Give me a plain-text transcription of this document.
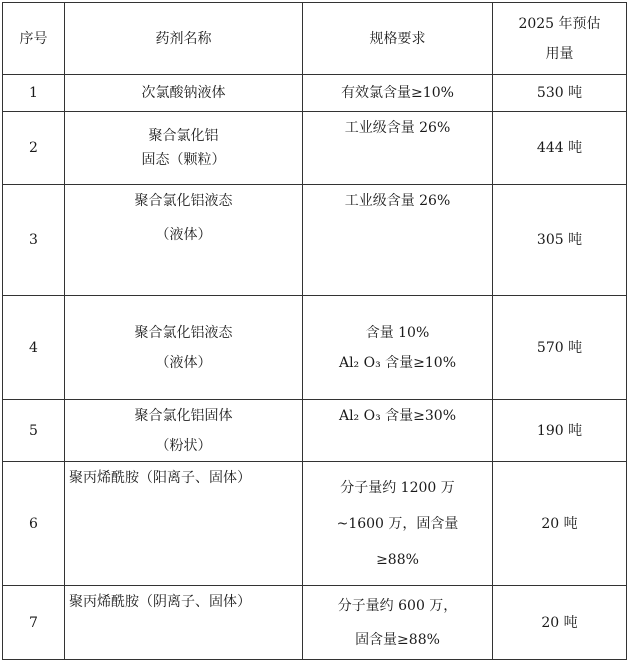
序号	药剂名称	规格要求	2025 年预估
用量

1	次氯酸钠液体	有效氯含量≥10%	530 吨
2	聚合氯化铝
固态（颗粒）	工业级含量 26%	444 吨
3	聚合氯化铝液态
（液体）	工业级含量 26%	305 吨
4	聚合氯化铝液态
（液体）	含量 10%
Al₂ O₃ 含量≥10%	570 吨
5	聚合氯化铝固体
（粉状）	Al₂ O₃ 含量≥30%	190 吨
6	聚丙烯酰胺（阳离子、固体）	分子量约 1200 万
~1600 万，固含量
≥88%	20 吨
7	聚丙烯酰胺（阴离子、固体）	分子量约 600 万，
固含量≥88%	20 吨
